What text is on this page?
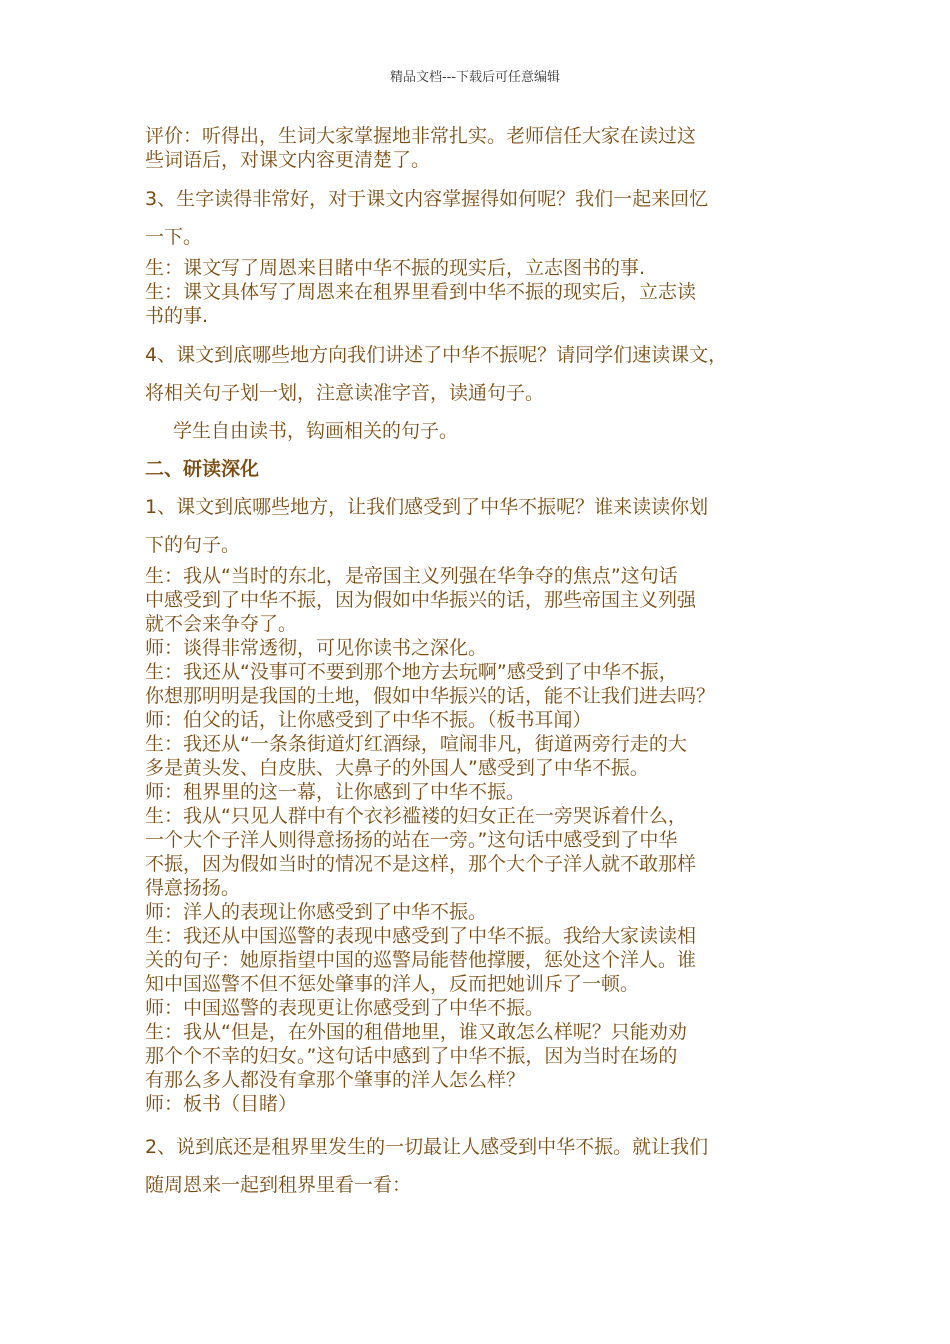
精品文档---下载后可任意编辑

评价：听得出，生词大家掌握地非常扎实。老师信任大家在读过这
些词语后，对课文内容更清楚了。

3、生字读得非常好，对于课文内容掌握得如何呢？我们一起来回忆
一下。

生：课文写了周恩来目睹中华不振的现实后，立志图书的事.
生：课文具体写了周恩来在租界里看到中华不振的现实后，立志读
书的事.

4、课文到底哪些地方向我们讲述了中华不振呢？请同学们速读课文，
将相关句子划一划，注意读准字音，读通句子。

学生自由读书，钩画相关的句子。

二、研读深化

1、课文到底哪些地方，让我们感受到了中华不振呢？谁来读读你划
下的句子。

生：我从“当时的东北，是帝国主义列强在华争夺的焦点”这句话
中感受到了中华不振，因为假如中华振兴的话，那些帝国主义列强
就不会来争夺了。
师：谈得非常透彻，可见你读书之深化。
生：我还从“没事可不要到那个地方去玩啊”感受到了中华不振，
你想那明明是我国的土地，假如中华振兴的话，能不让我们进去吗？
师：伯父的话，让你感受到了中华不振。（板书耳闻）
生：我还从“一条条街道灯红酒绿，喧闹非凡，街道两旁行走的大
多是黄头发、白皮肤、大鼻子的外国人”感受到了中华不振。
师：租界里的这一幕，让你感到了中华不振。
生：我从“只见人群中有个衣衫褴褛的妇女正在一旁哭诉着什么，
一个大个子洋人则得意扬扬的站在一旁。”这句话中感受到了中华
不振，因为假如当时的情况不是这样，那个大个子洋人就不敢那样
得意扬扬。
师：洋人的表现让你感受到了中华不振。
生：我还从中国巡警的表现中感受到了中华不振。我给大家读读相
关的句子：她原指望中国的巡警局能替他撑腰，惩处这个洋人。谁
知中国巡警不但不惩处肇事的洋人，反而把她训斥了一顿。
师：中国巡警的表现更让你感受到了中华不振。
生：我从“但是，在外国的租借地里，谁又敢怎么样呢？只能劝劝
那个个不幸的妇女。”这句话中感到了中华不振，因为当时在场的
有那么多人都没有拿那个肇事的洋人怎么样？
师：板书（目睹）

2、说到底还是租界里发生的一切最让人感受到中华不振。就让我们
随周恩来一起到租界里看一看：
